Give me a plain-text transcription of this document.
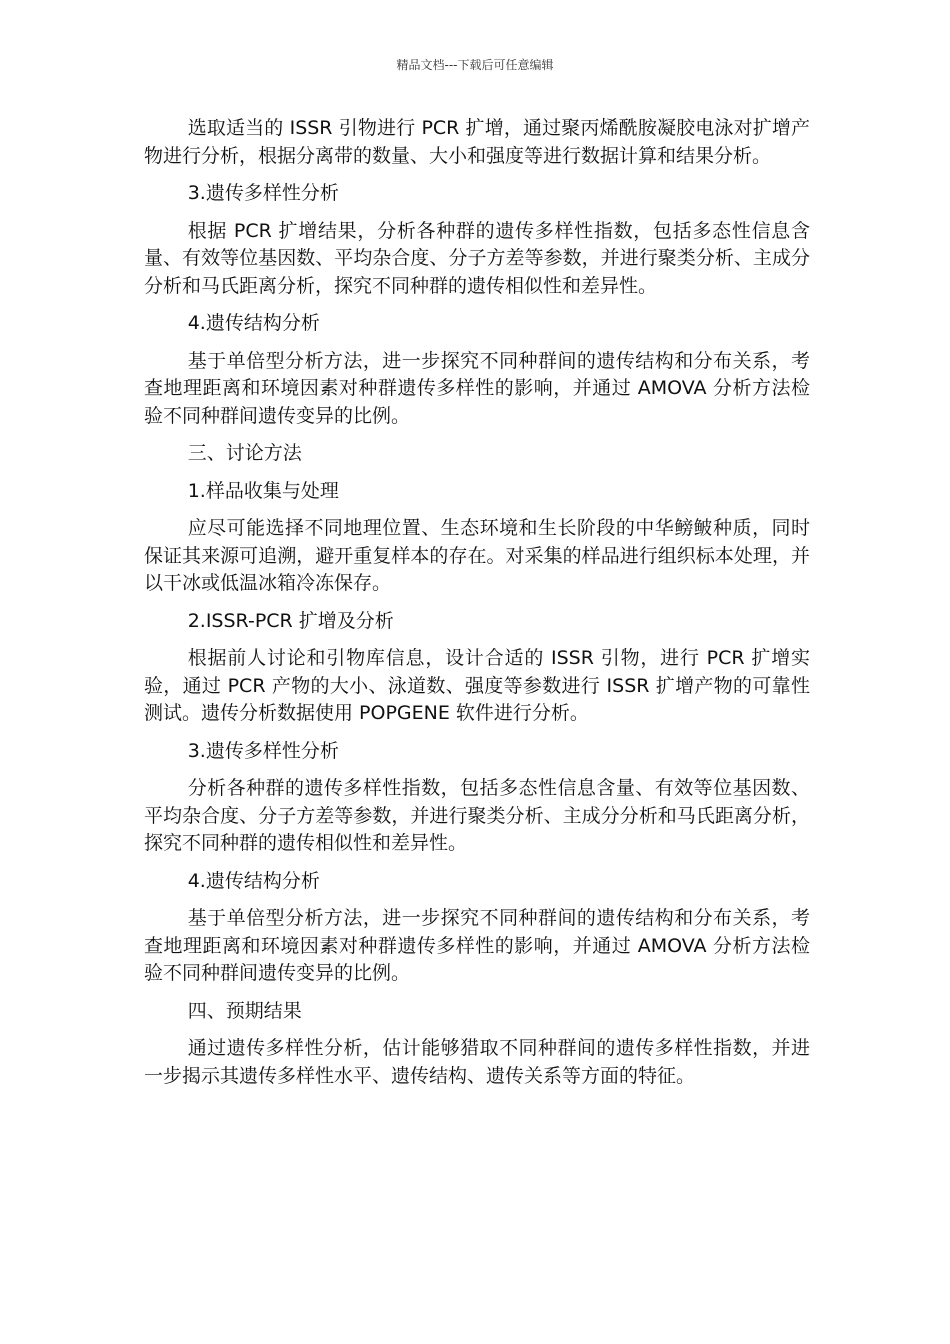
精品文档---下载后可任意编辑

选取适当的 ISSR 引物进行 PCR 扩增，通过聚丙烯酰胺凝胶电泳对扩增产物进行分析，根据分离带的数量、大小和强度等进行数据计算和结果分析。

3.遗传多样性分析

根据 PCR 扩增结果，分析各种群的遗传多样性指数，包括多态性信息含量、有效等位基因数、平均杂合度、分子方差等参数，并进行聚类分析、主成分分析和马氏距离分析，探究不同种群的遗传相似性和差异性。

4.遗传结构分析

基于单倍型分析方法，进一步探究不同种群间的遗传结构和分布关系，考查地理距离和环境因素对种群遗传多样性的影响，并通过 AMOVA 分析方法检验不同种群间遗传变异的比例。

三、讨论方法

1.样品收集与处理

应尽可能选择不同地理位置、生态环境和生长阶段的中华鳑鲏种质，同时保证其来源可追溯，避开重复样本的存在。对采集的样品进行组织标本处理，并以干冰或低温冰箱冷冻保存。

2.ISSR-PCR 扩增及分析

根据前人讨论和引物库信息，设计合适的 ISSR 引物，进行 PCR 扩增实验，通过 PCR 产物的大小、泳道数、强度等参数进行 ISSR 扩增产物的可靠性测试。遗传分析数据使用 POPGENE 软件进行分析。

3.遗传多样性分析

分析各种群的遗传多样性指数，包括多态性信息含量、有效等位基因数、平均杂合度、分子方差等参数，并进行聚类分析、主成分分析和马氏距离分析，探究不同种群的遗传相似性和差异性。

4.遗传结构分析

基于单倍型分析方法，进一步探究不同种群间的遗传结构和分布关系，考查地理距离和环境因素对种群遗传多样性的影响，并通过 AMOVA 分析方法检验不同种群间遗传变异的比例。

四、预期结果

通过遗传多样性分析，估计能够猎取不同种群间的遗传多样性指数，并进一步揭示其遗传多样性水平、遗传结构、遗传关系等方面的特征。
